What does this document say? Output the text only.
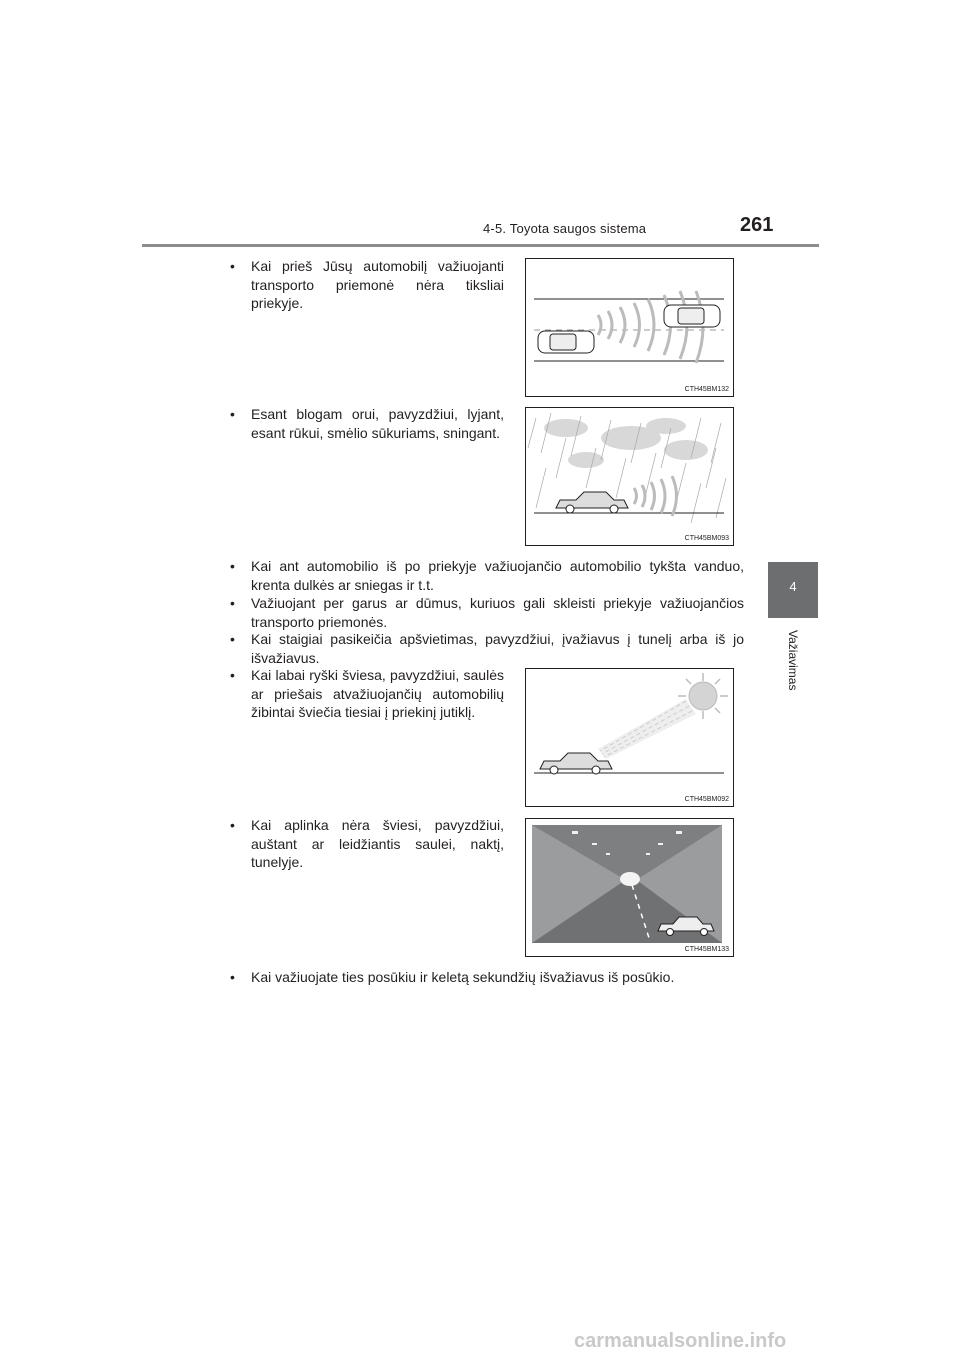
4-5. Toyota saugos sistema	261
4
Važiavimas
•	Kai prieš Jūsų automobilį važiuojanti transporto priemonė nėra tiksliai priekyje.
CTH45BM132
•	Esant blogam orui, pavyzdžiui, lyjant, esant rūkui, smėlio sūkuriams, sningant.
CTH45BM093
•	Kai ant automobilio iš po priekyje važiuojančio automobilio tykšta vanduo, krenta dulkės ar sniegas ir t.t.
•	Važiuojant per garus ar dūmus, kuriuos gali skleisti priekyje važiuojančios transporto priemonės.
•	Kai staigiai pasikeičia apšvietimas, pavyzdžiui, įvažiavus į tunelį arba iš jo išvažiavus.
•	Kai labai ryški šviesa, pavyzdžiui, saulės ar priešais atvažiuojančių automobilių žibintai šviečia tiesiai į priekinį jutiklį.
CTH45BM092
•	Kai aplinka nėra šviesi, pavyzdžiui, auštant ar leidžiantis saulei, naktį, tunelyje.
CTH45BM133
•	Kai važiuojate ties posūkiu ir keletą sekundžių išvažiavus iš posūkio.
carmanualsonline.info
